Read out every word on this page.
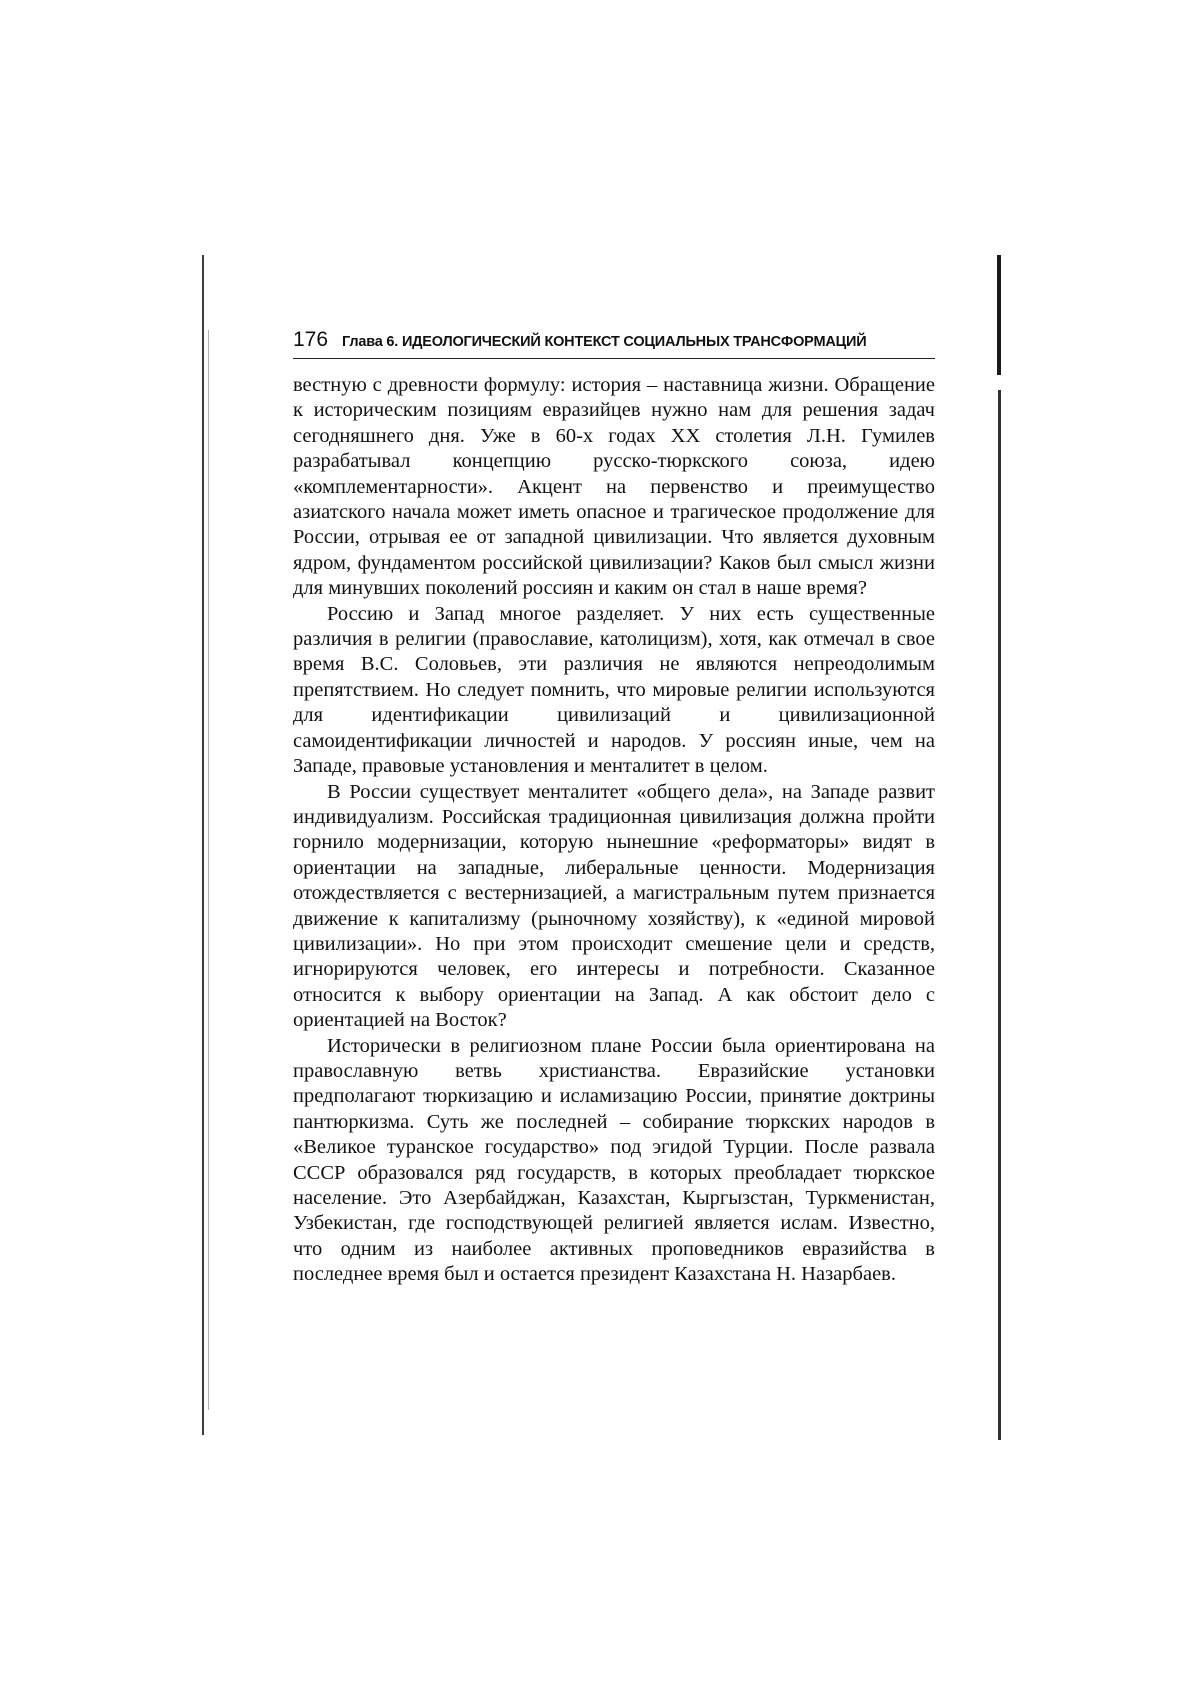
176 Глава 6. ИДЕОЛОГИЧЕСКИЙ КОНТЕКСТ СОЦИАЛЬНЫХ ТРАНСФОРМАЦИЙ

вестную с древности формулу: история – наставница жизни. Обращение к историческим позициям евразийцев нужно нам для решения задач сегодняшнего дня. Уже в 60-х годах XX столетия Л.Н. Гумилев разрабатывал концепцию русско-тюркского союза, идею «комплементарности». Акцент на первенство и преимущество азиатского начала может иметь опасное и трагическое продолжение для России, отрывая ее от западной цивилизации. Что является духовным ядром, фундаментом российской цивилизации? Каков был смысл жизни для минувших поколений россиян и каким он стал в наше время?

Россию и Запад многое разделяет. У них есть существенные различия в религии (православие, католицизм), хотя, как отмечал в свое время В.С. Соловьев, эти различия не являются непреодолимым препятствием. Но следует помнить, что мировые религии используются для идентификации цивилизаций и цивилизационной самоидентификации личностей и народов. У россиян иные, чем на Западе, правовые установления и менталитет в целом.

В России существует менталитет «общего дела», на Западе развит индивидуализм. Российская традиционная цивилизация должна пройти горнило модернизации, которую нынешние «реформаторы» видят в ориентации на западные, либеральные ценности. Модернизация отождествляется с вестернизацией, а магистральным путем признается движение к капитализму (рыночному хозяйству), к «единой мировой цивилизации». Но при этом происходит смешение цели и средств, игнорируются человек, его интересы и потребности. Сказанное относится к выбору ориентации на Запад. А как обстоит дело с ориентацией на Восток?

Исторически в религиозном плане России была ориентирована на православную ветвь христианства. Евразийские установки предполагают тюркизацию и исламизацию России, принятие доктрины пантюркизма. Суть же последней – собирание тюркских народов в «Великое туранское государство» под эгидой Турции. После развала СССР образовался ряд государств, в которых преобладает тюркское население. Это Азербайджан, Казахстан, Кыргызстан, Туркменистан, Узбекистан, где господствующей религией является ислам. Известно, что одним из наиболее активных проповедников евразийства в последнее время был и остается президент Казахстана Н. Назарбаев.
